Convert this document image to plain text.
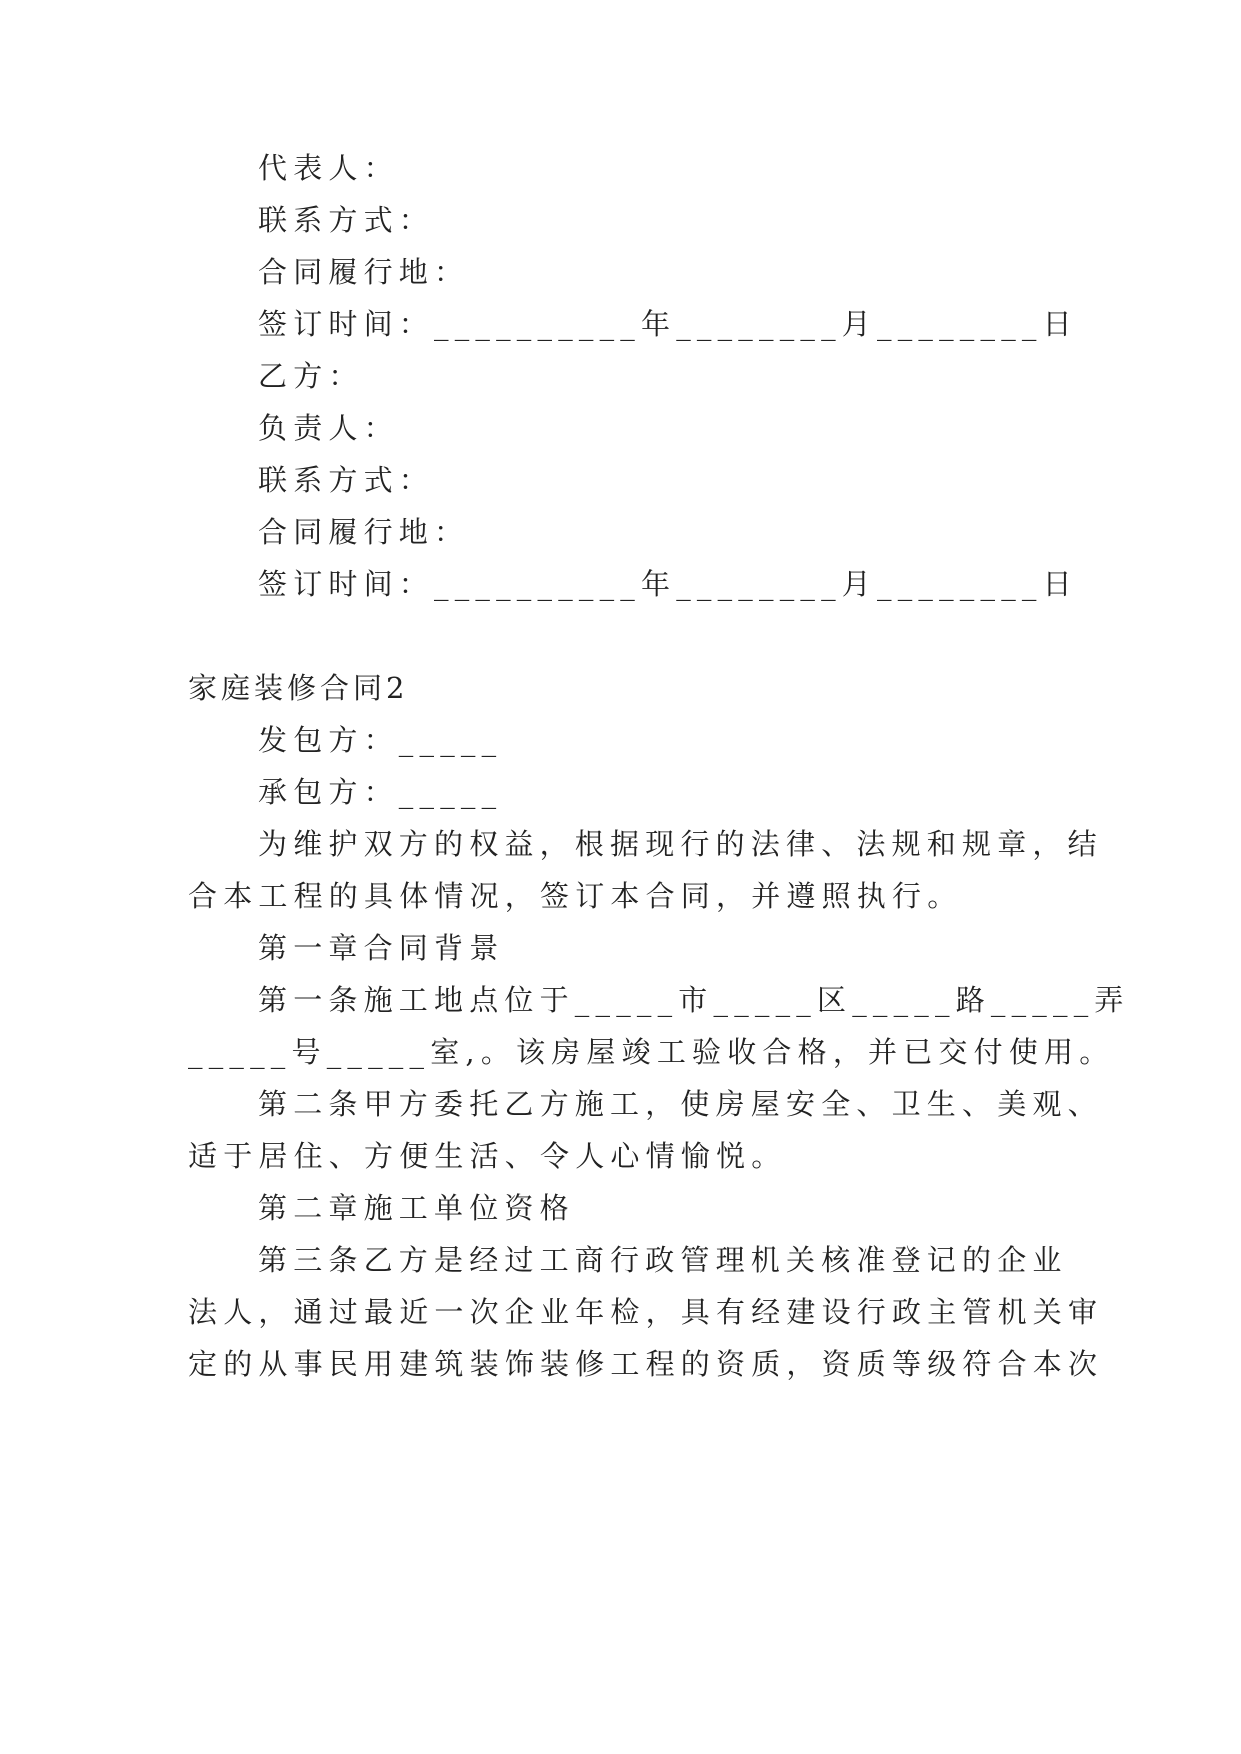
代表人：
联系方式：
合同履行地：
签订时间：__________年________月________日
乙方：
负责人：
联系方式：
合同履行地：
签订时间：__________年________月________日
家庭装修合同2
发包方：_____
承包方：_____
为维护双方的权益，根据现行的法律、法规和规章，结
合本工程的具体情况，签订本合同，并遵照执行。
第一章合同背景
第一条施工地点位于_____市_____区_____路_____弄
_____号_____室,。该房屋竣工验收合格，并已交付使用。
第二条甲方委托乙方施工，使房屋安全、卫生、美观、
适于居住、方便生活、令人心情愉悦。
第二章施工单位资格
第三条乙方是经过工商行政管理机关核准登记的企业
法人，通过最近一次企业年检，具有经建设行政主管机关审
定的从事民用建筑装饰装修工程的资质，资质等级符合本次
